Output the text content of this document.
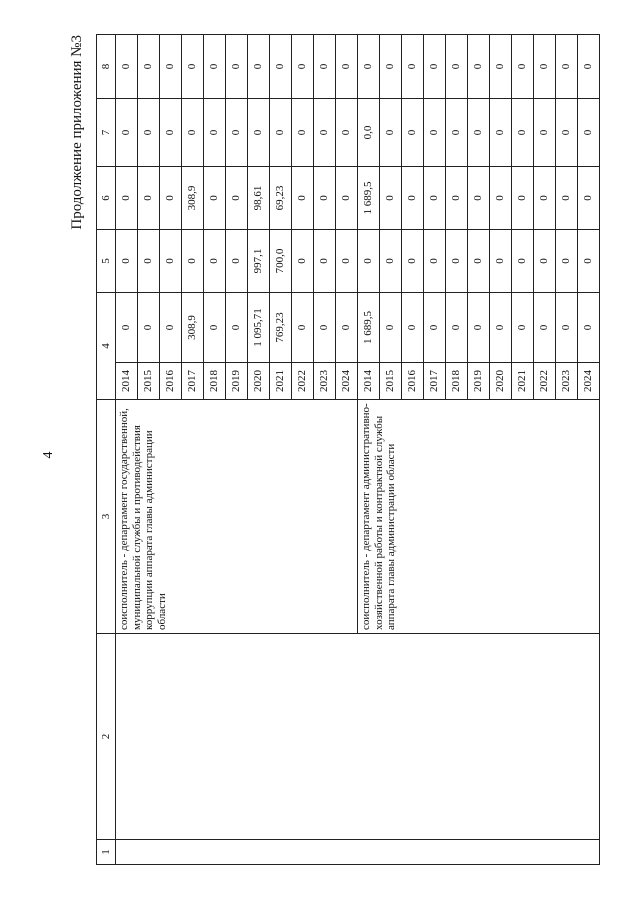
4
Продолжение приложения №3
1	2	3	4		5	6	7	8
		соисполнитель - департамент государственной, муниципальной службы и противодействия коррупции аппарата главы администрации области	2014	0	0	0	0	0
			2015	0	0	0	0	0
			2016	0	0	0	0	0
			2017	308,9	0	308,9	0	0
			2018	0	0	0	0	0
			2019	0	0	0	0	0
			2020	1 095,71	997,1	98,61	0	0
			2021	769,23	700,0	69,23	0	0
			2022	0	0	0	0	0
			2023	0	0	0	0	0
			2024	0	0	0	0	0
		соисполнитель - департамент административно-хозяйственной работы и контрактной службы аппарата главы администрации области	2014	1 689,5	0	1 689,5	0,0	0
			2015	0	0	0	0	0
			2016	0	0	0	0	0
			2017	0	0	0	0	0
			2018	0	0	0	0	0
			2019	0	0	0	0	0
			2020	0	0	0	0	0
			2021	0	0	0	0	0
			2022	0	0	0	0	0
			2023	0	0	0	0	0
			2024	0	0	0	0	0
